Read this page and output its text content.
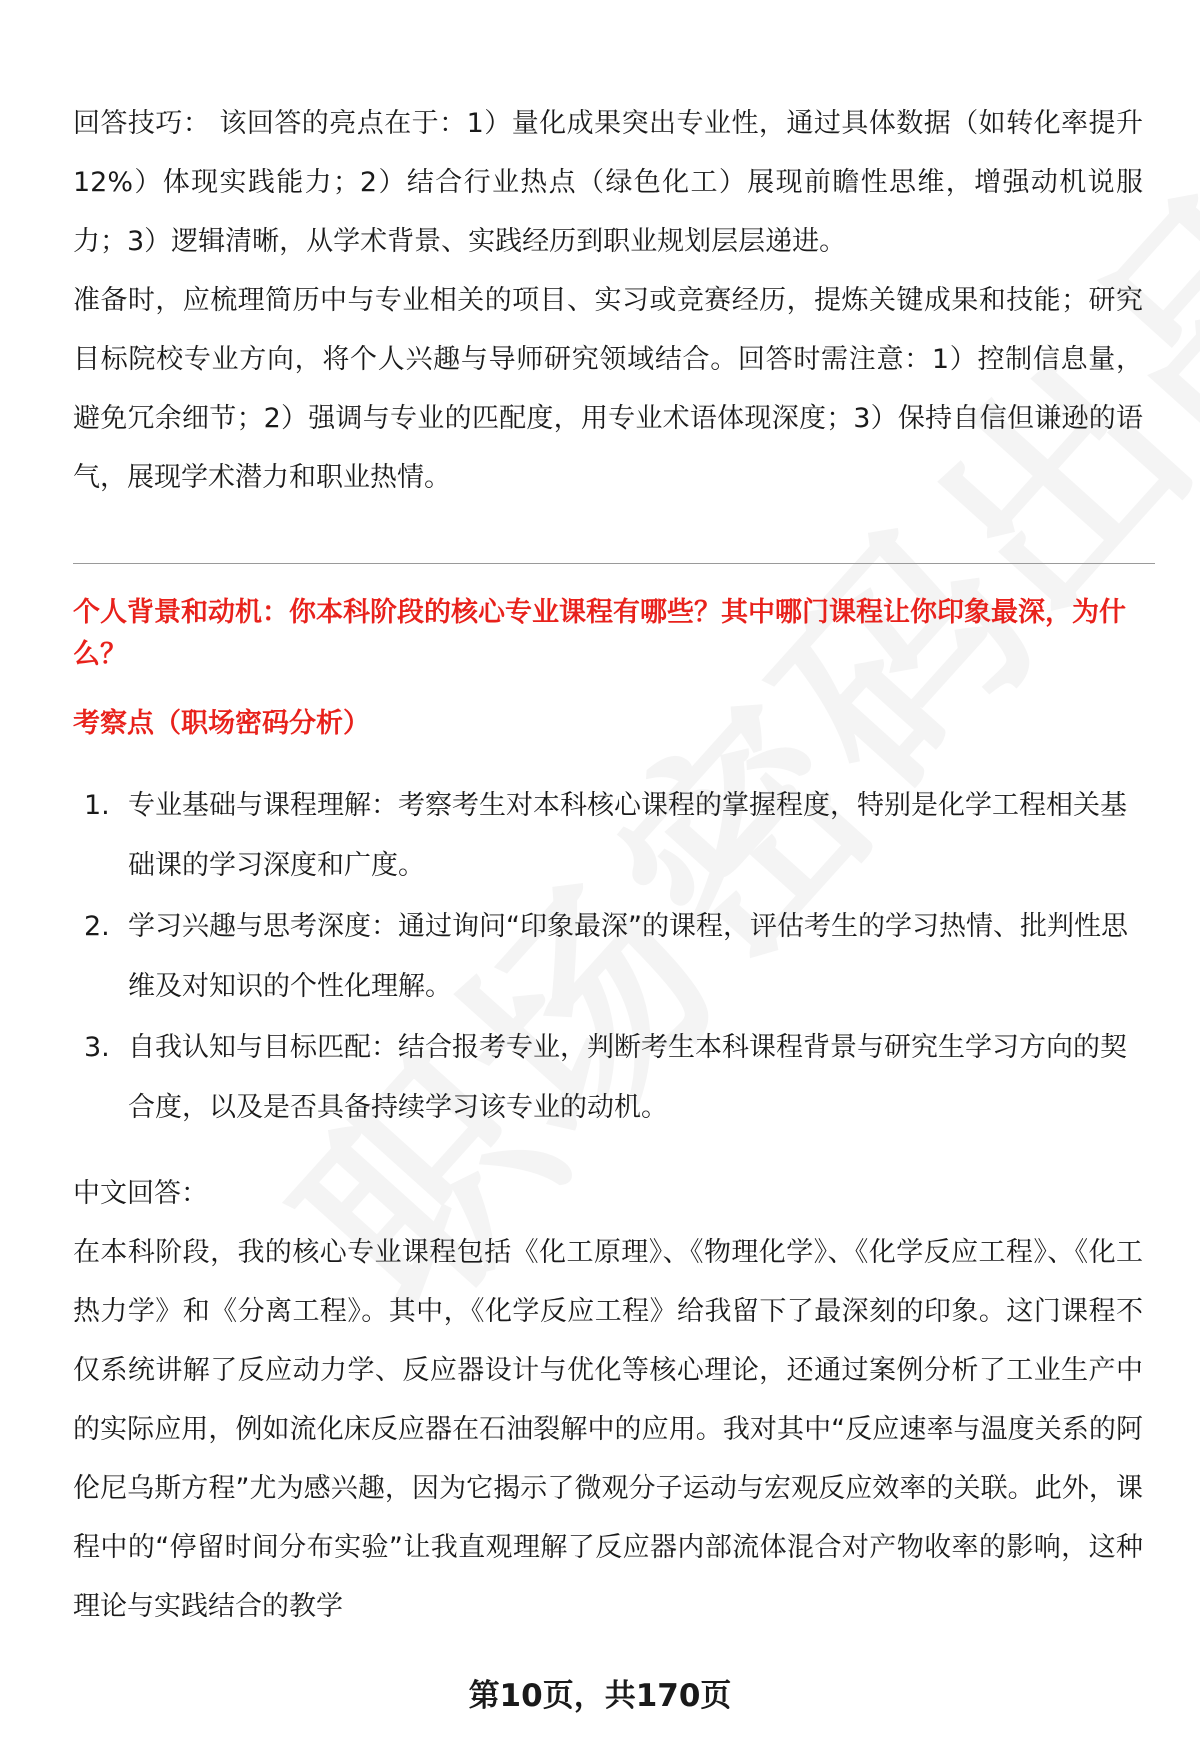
回答技巧： 该回答的亮点在于：1）量化成果突出专业性，通过具体数据（如转化率提升12%）体现实践能力；2）结合行业热点（绿色化工）展现前瞻性思维，增强动机说服力；3）逻辑清晰，从学术背景、实践经历到职业规划层层递进。

准备时，应梳理简历中与专业相关的项目、实习或竞赛经历，提炼关键成果和技能；研究目标院校专业方向，将个人兴趣与导师研究领域结合。回答时需注意：1）控制信息量，避免冗余细节；2）强调与专业的匹配度，用专业术语体现深度；3）保持自信但谦逊的语气，展现学术潜力和职业热情。

个人背景和动机：你本科阶段的核心专业课程有哪些？其中哪门课程让你印象最深，为什么？

考察点（职场密码分析）

1. 专业基础与课程理解：考察考生对本科核心课程的掌握程度，特别是化学工程相关基础课的学习深度和广度。
2. 学习兴趣与思考深度：通过询问“印象最深”的课程，评估考生的学习热情、批判性思维及对知识的个性化理解。
3. 自我认知与目标匹配：结合报考专业，判断考生本科课程背景与研究生学习方向的契合度，以及是否具备持续学习该专业的动机。

中文回答：

在本科阶段，我的核心专业课程包括《化工原理》、《物理化学》、《化学反应工程》、《化工热力学》和《分离工程》。其中，《化学反应工程》给我留下了最深刻的印象。这门课程不仅系统讲解了反应动力学、反应器设计与优化等核心理论，还通过案例分析了工业生产中的实际应用，例如流化床反应器在石油裂解中的应用。我对其中“反应速率与温度关系的阿伦尼乌斯方程”尤为感兴趣，因为它揭示了微观分子运动与宏观反应效率的关联。此外，课程中的“停留时间分布实验”让我直观理解了反应器内部流体混合对产物收率的影响，这种理论与实践结合的教学

第10页，共170页
